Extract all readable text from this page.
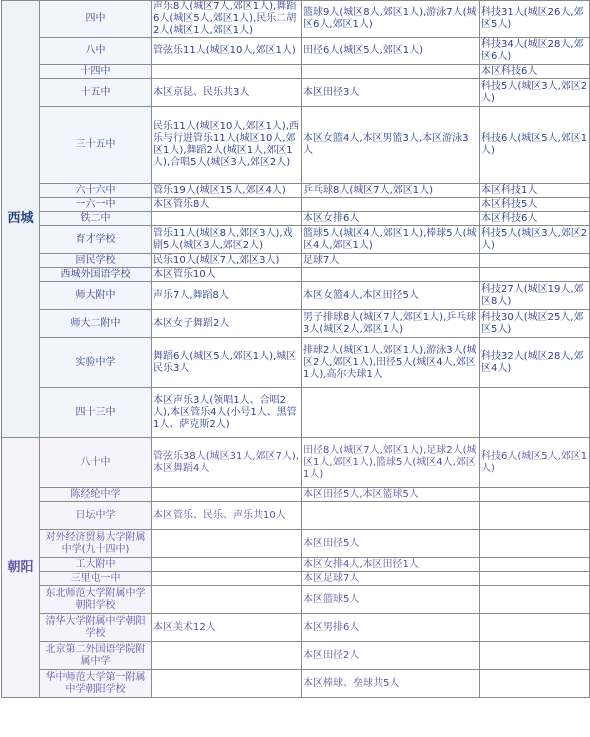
西城	四中	声乐8人(城区7人,郊区1人),舞蹈6人(城区5人,郊区1人),民乐二胡2人(城区1人,郊区1人)	篮球9人(城区8人,郊区1人),游泳7人(城区6人,郊区1人)	科技31人(城区26人,郊区5人)
	八中	管弦乐11人(城区10人,郊区1人)	田径6人(城区5人,郊区1人)	科技34人(城区28人,郊区6人)
	十四中			本区科技6人
	十五中	本区京昆、民乐共3人	本区田径3人	科技5人(城区3人,郊区2人)
	三十五中	民乐11人(城区10人,郊区1人),西乐与行进管乐11人(城区10人,郊区1人),舞蹈2人(城区1人,郊区1人),合唱5人(城区3人,郊区2人)	本区女篮4人,本区男篮3人,本区游泳3人	科技6人(城区5人,郊区1人)
	六十六中	管乐19人(城区15人,郊区4人)	乒乓球8人(城区7人,郊区1人)	本区科技1人
	一六一中	本区管乐8人		本区科技5人
	铁二中		本区女排6人	本区科技6人
	育才学校	管乐11人(城区8人,郊区3人),戏剧5人(城区3人,郊区2人)	篮球5人(城区4人,郊区1人),棒球5人(城区4人,郊区1人)	科技5人(城区3人,郊区2人)
	回民学校	民乐10人(城区7人,郊区3人)	足球7人	
	西城外国语学校	本区管乐10人		
	师大附中	声乐7人,舞蹈8人	本区女篮4人,本区田径5人	科技27人(城区19人,郊区8人)
	师大二附中	本区女子舞蹈2人	男子排球8人(城区7人,郊区1人),乒乓球3人(城区2人,郊区1人)	科技30人(城区25人,郊区5人)
	实验中学	舞蹈6人(城区5人,郊区1人),城区民乐3人	排球2人(城区1人,郊区1人),游泳3人(城区2人,郊区1人),田径5人(城区4人,郊区1人),高尔夫球1人	科技32人(城区28人,郊区4人)
	四十三中	本区声乐3人(领唱1人、合唱2人),本区管乐4人(小号1人、黑管1人、萨克斯2人)		
朝阳	八十中	管弦乐38人(城区31人,郊区7人),本区舞蹈4人	田径8人(城区7人,郊区1人),足球2人(城区1人,郊区1人),篮球5人(城区4人,郊区1人)	科技6人(城区5人,郊区1人)
	陈经纶中学		本区田径5人,本区篮球5人	
	日坛中学	本区管乐、民乐、声乐共10人		
	对外经济贸易大学附属中学(九十四中)		本区田径5人	
	工大附中		本区女排4人,本区田径1人	
	三里屯一中		本区足球7人	
	东北师范大学附属中学朝阳学校		本区篮球5人	
	清华大学附属中学朝阳学校	本区美术12人	本区男排6人	
	北京第二外国语学院附属中学		本区田径2人	
	华中师范大学第一附属中学朝阳学校		本区棒球、垒球共5人	
